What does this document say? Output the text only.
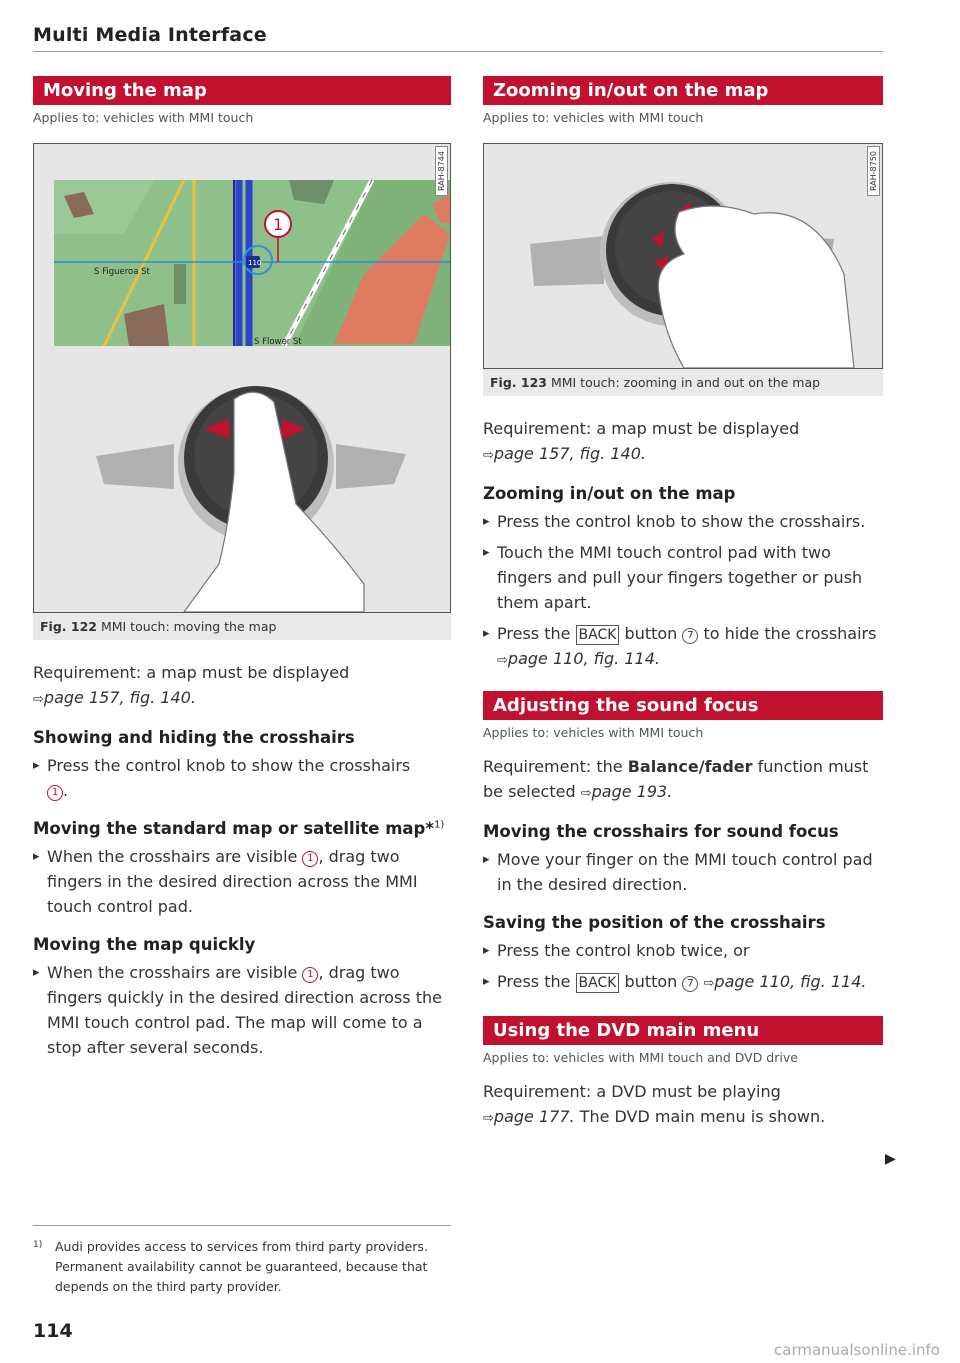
Multi Media Interface
Moving the map
Applies to: vehicles with MMI touch
S Figueroa St
S Flower St
110
1
RAH-8744
Fig. 122 MMI touch: moving the map

Requirement: a map must be displayed
⇨page 157, fig. 140.

Showing and hiding the crosshairs
▸ Press the control knob to show the crosshairs
1 .
Moving the standard map or satellite map*$^{1)}$
▸ When the crosshairs are visible 1 , drag two fingers in the desired direction across the MMI touch control pad.
Moving the map quickly
▸ When the crosshairs are visible 1 , drag two fingers quickly in the desired direction across the MMI touch control pad. The map will come to a stop after several seconds.
Zooming in/out on the map
Applies to: vehicles with MMI touch
RAH-8750
Fig. 123 MMI touch: zooming in and out on the map

Requirement: a map must be displayed
⇨page 157, fig. 140.

Zooming in/out on the map
▸ Press the control knob to show the crosshairs.
▸ Touch the MMI touch control pad with two fingers and pull your fingers together or push them apart.
▸ Press the BACK button 7 to hide the crosshairs ⇨page 110, fig. 114.
Adjusting the sound focus
Applies to: vehicles with MMI touch

Requirement: the Balance/fader function must be selected ⇨page 193.

Moving the crosshairs for sound focus
▸ Move your finger on the MMI touch control pad in the desired direction.
Saving the position of the crosshairs
▸ Press the control knob twice, or
▸ Press the BACK button 7 ⇨page 110, fig. 114.
Using the DVD main menu
Applies to: vehicles with MMI touch and DVD drive

Requirement: a DVD must be playing
⇨page 177. The DVD main menu is shown.

▶
1) Audi provides access to services from third party providers. Permanent availability cannot be guaranteed, because that depends on the third party provider.
114
carmanualsonline.info
